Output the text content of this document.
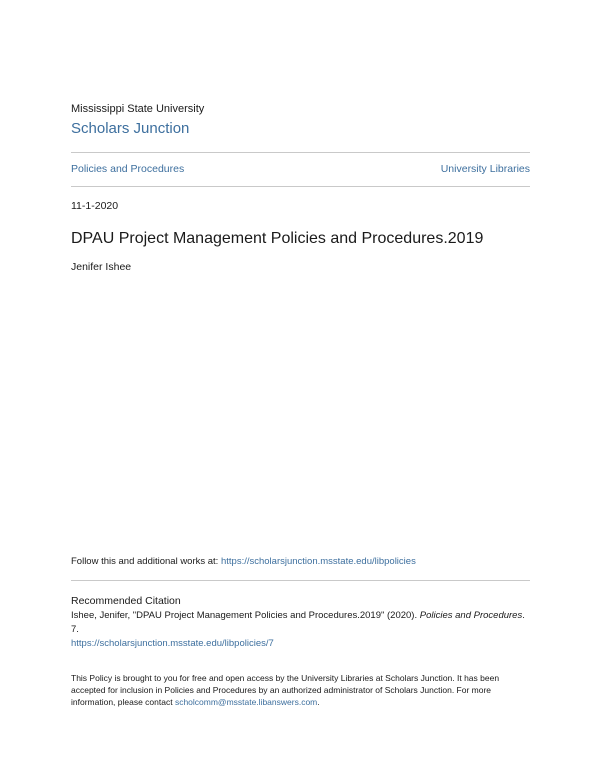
Mississippi State University
Scholars Junction
Policies and Procedures	University Libraries
11-1-2020
DPAU Project Management Policies and Procedures.2019
Jenifer Ishee
Follow this and additional works at: https://scholarsjunction.msstate.edu/libpolicies
Recommended Citation
Ishee, Jenifer, "DPAU Project Management Policies and Procedures.2019" (2020). Policies and Procedures. 7.
https://scholarsjunction.msstate.edu/libpolicies/7
This Policy is brought to you for free and open access by the University Libraries at Scholars Junction. It has been accepted for inclusion in Policies and Procedures by an authorized administrator of Scholars Junction. For more information, please contact scholcomm@msstate.libanswers.com.
